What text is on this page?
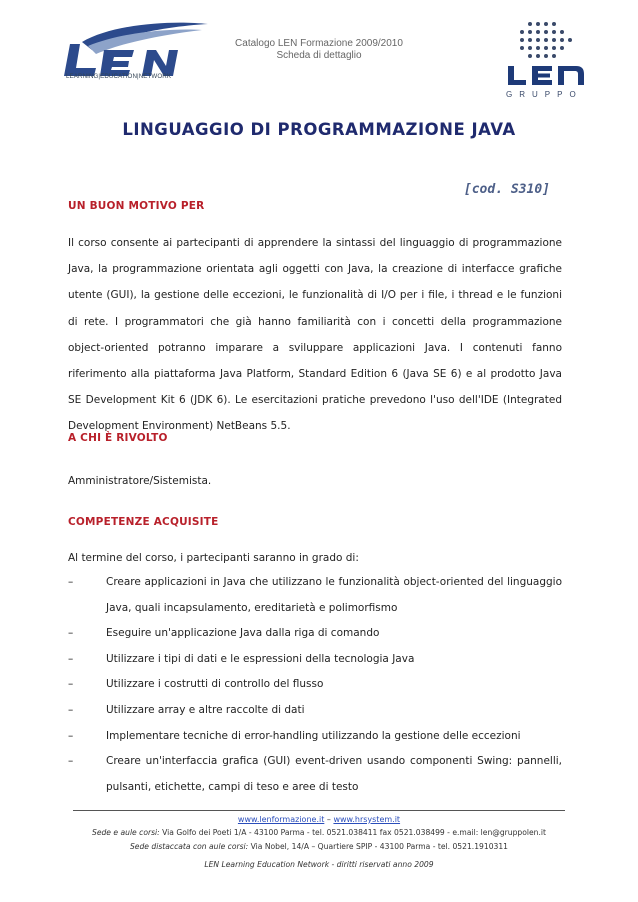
LEARNING|EDUCATION|NETWORK
Catalogo LEN Formazione 2009/2010
Scheda di dettaglio
GRUPPO
LINGUAGGIO DI PROGRAMMAZIONE JAVA
[cod. S310]
UN BUON MOTIVO PER
Il corso consente ai partecipanti di apprendere la sintassi del linguaggio di programmazione Java, la programmazione orientata agli oggetti con Java, la creazione di interfacce grafiche utente (GUI), la gestione delle eccezioni, le funzionalità di I/O per i file, i thread e le funzioni di rete. I programmatori che già hanno familiarità con i concetti della programmazione object-oriented potranno imparare a sviluppare applicazioni Java. I contenuti fanno riferimento alla piattaforma Java Platform, Standard Edition 6 (Java SE 6) e al prodotto Java SE Development Kit 6 (JDK 6). Le esercitazioni pratiche prevedono l'uso dell'IDE (Integrated Development Environment) NetBeans 5.5.
A CHI È RIVOLTO
Amministratore/Sistemista.
COMPETENZE ACQUISITE
Al termine del corso, i partecipanti saranno in grado di:
–	Creare applicazioni in Java che utilizzano le funzionalità object-oriented del linguaggio Java, quali incapsulamento, ereditarietà e polimorfismo
–	Eseguire un'applicazione Java dalla riga di comando
–	Utilizzare i tipi di dati e le espressioni della tecnologia Java
–	Utilizzare i costrutti di controllo del flusso
–	Utilizzare array e altre raccolte di dati
–	Implementare tecniche di error-handling utilizzando la gestione delle eccezioni
–	Creare un'interfaccia grafica (GUI) event-driven usando componenti Swing: pannelli, pulsanti, etichette, campi di teso e aree di testo
www.lenformazione.it – www.hrsystem.it
Sede e aule corsi: Via Golfo dei Poeti 1/A - 43100 Parma - tel. 0521.038411 fax 0521.038499 - e.mail: len@gruppolen.it
Sede distaccata con aule corsi: Via Nobel, 14/A – Quartiere SPIP - 43100 Parma - tel. 0521.1910311
LEN Learning Education Network - diritti riservati anno 2009
